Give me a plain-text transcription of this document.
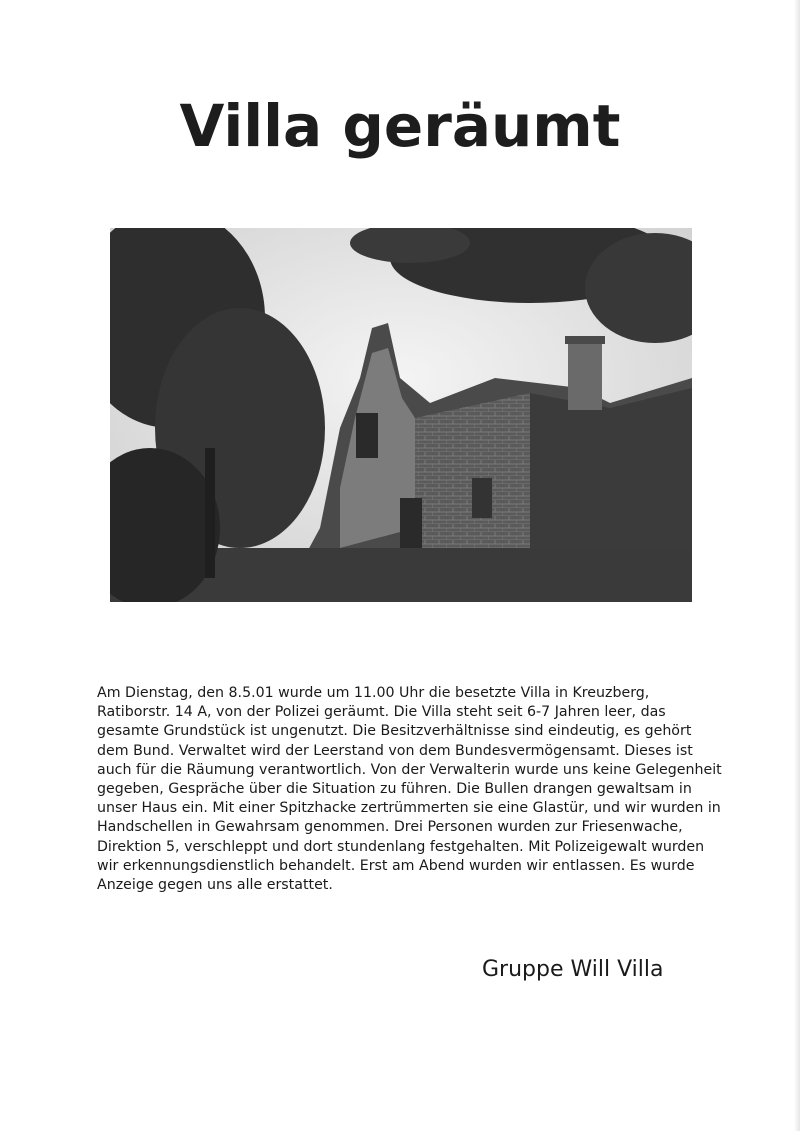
Villa geräumt

Am Dienstag, den 8.5.01 wurde um 11.00 Uhr die besetzte Villa in Kreuzberg, Ratiborstr. 14 A, von der Polizei geräumt. Die Villa steht seit 6-7 Jahren leer, das gesamte Grundstück ist ungenutzt. Die Besitzverhältnisse sind eindeutig, es gehört dem Bund. Verwaltet wird der Leerstand von dem Bundesvermögensamt. Dieses ist auch für die Räumung verantwortlich. Von der Verwalterin wurde uns keine Gelegenheit gegeben, Gespräche über die Situation zu führen. Die Bullen drangen gewaltsam in unser Haus ein. Mit einer Spitzhacke zertrümmerten sie eine Glastür, und wir wurden in Handschellen in Gewahrsam genommen. Drei Personen wurden zur Friesenwache, Direktion 5, verschleppt und dort stundenlang festgehalten. Mit Polizeigewalt wurden wir erkennungsdienstlich behandelt. Erst am Abend wurden wir entlassen. Es wurde Anzeige gegen uns alle erstattet.

Gruppe Will Villa
